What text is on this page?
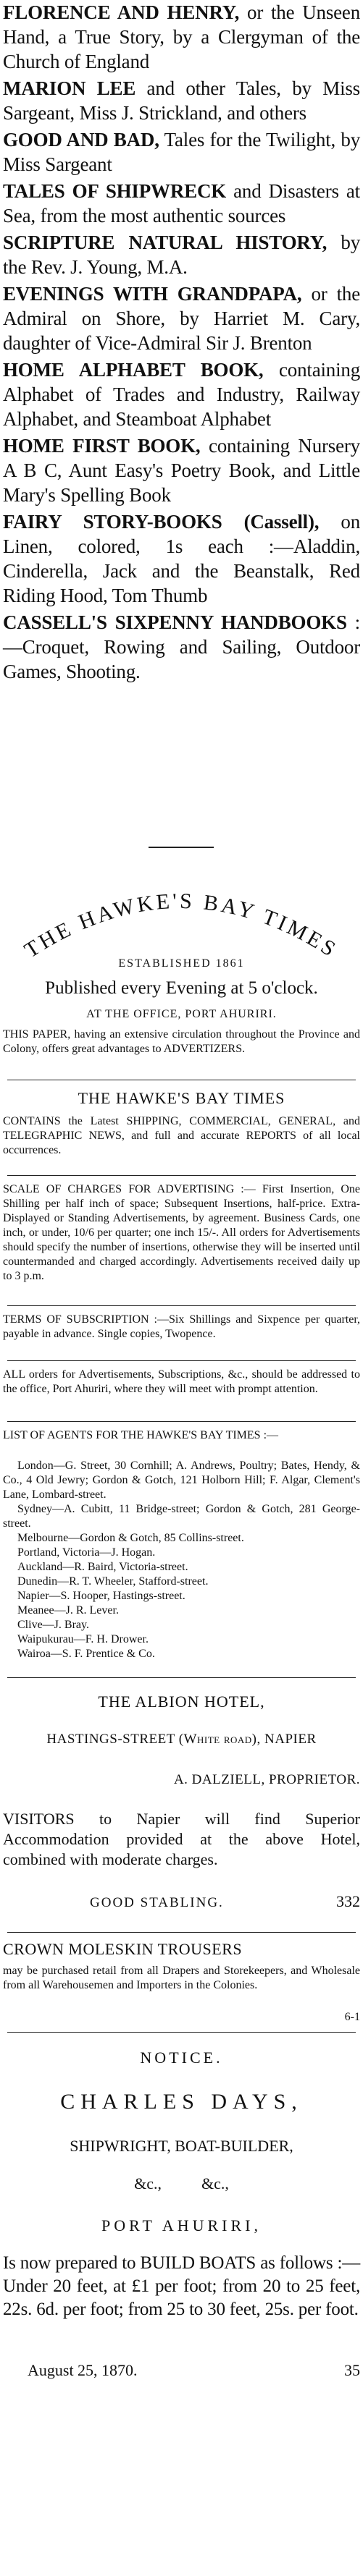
FLORENCE AND HENRY, or the Unseen Hand, a True Story, by a Clergyman of the Church of England

MARION LEE and other Tales, by Miss Sargeant, Miss J. Strickland, and others

GOOD AND BAD, Tales for the Twilight, by Miss Sargeant

TALES OF SHIPWRECK and Disasters at Sea, from the most authentic sources

SCRIPTURE NATURAL HISTORY, by the Rev. J. Young, M.A.

EVENINGS WITH GRANDPAPA, or the Admiral on Shore, by Harriet M. Cary, daughter of Vice-Admiral Sir J. Brenton

HOME ALPHABET BOOK, containing Alphabet of Trades and Industry, Railway Alphabet, and Steamboat Alphabet

HOME FIRST BOOK, containing Nursery A B C, Aunt Easy's Poetry Book, and Little Mary's Spelling Book

FAIRY STORY-BOOKS (Cassell), on Linen, colored, 1s each :—Aladdin, Cinderella, Jack and the Beanstalk, Red Riding Hood, Tom Thumb

CASSELL'S SIXPENNY HANDBOOKS :—Croquet, Rowing and Sailing, Outdoor Games, Shooting.

THE HAWKE'S BAY TIMES
ESTABLISHED 1861
Published every Evening at 5 o'clock.
AT THE OFFICE, PORT AHURIRI.
THIS PAPER, having an extensive circulation throughout the Province and Colony, offers great advantages to ADVERTIZERS.
THE HAWKE'S BAY TIMES
CONTAINS the Latest SHIPPING, COMMERCIAL, GENERAL, and TELEGRAPHIC NEWS, and full and accurate REPORTS of all local occurrences.
SCALE OF CHARGES FOR ADVERTISING :— First Insertion, One Shilling per half inch of space; Subsequent Insertions, half-price. Extra-Displayed or Standing Advertisements, by agreement. Business Cards, one inch, or under, 10/6 per quarter; one inch 15/-. All orders for Advertisements should specify the number of insertions, otherwise they will be inserted until countermanded and charged accordingly. Advertisements received daily up to 3 p.m.
TERMS OF SUBSCRIPTION :—Six Shillings and Sixpence per quarter, payable in advance. Single copies, Twopence.
ALL orders for Advertisements, Subscriptions, &c., should be addressed to the office, Port Ahuriri, where they will meet with prompt attention.
LIST OF AGENTS FOR THE HAWKE'S BAY TIMES :—

London—G. Street, 30 Cornhill; A. Andrews, Poultry; Bates, Hendy, & Co., 4 Old Jewry; Gordon & Gotch, 121 Holborn Hill; F. Algar, Clement's Lane, Lombard-street.

Sydney—A. Cubitt, 11 Bridge-street; Gordon & Gotch, 281 George-street.

Melbourne—Gordon & Gotch, 85 Collins-street.

Portland, Victoria—J. Hogan.

Auckland—R. Baird, Victoria-street.

Dunedin—R. T. Wheeler, Stafford-street.

Napier—S. Hooper, Hastings-street.

Meanee—J. R. Lever.

Clive—J. Bray.

Waipukurau—F. H. Drower.

Wairoa—S. F. Prentice & Co.

THE ALBION HOTEL,
HASTINGS-STREET (White road), NAPIER
A. DALZIELL, PROPRIETOR.
VISITORS to Napier will find Superior Accommodation provided at the above Hotel, combined with moderate charges.
GOOD STABLING.	332
CROWN MOLESKIN TROUSERS
may be purchased retail from all Drapers and Storekeepers, and Wholesale from all Warehousemen and Importers in the Colonies.
6-1
NOTICE.
CHARLES DAYS,
SHIPWRIGHT, BOAT-BUILDER,
&c.,          &c.,
PORT AHURIRI,
Is now prepared to BUILD BOATS as follows :—Under 20 feet, at £1 per foot; from 20 to 25 feet, 22s. 6d. per foot; from 25 to 30 feet, 25s. per foot.
August 25, 1870.	35
